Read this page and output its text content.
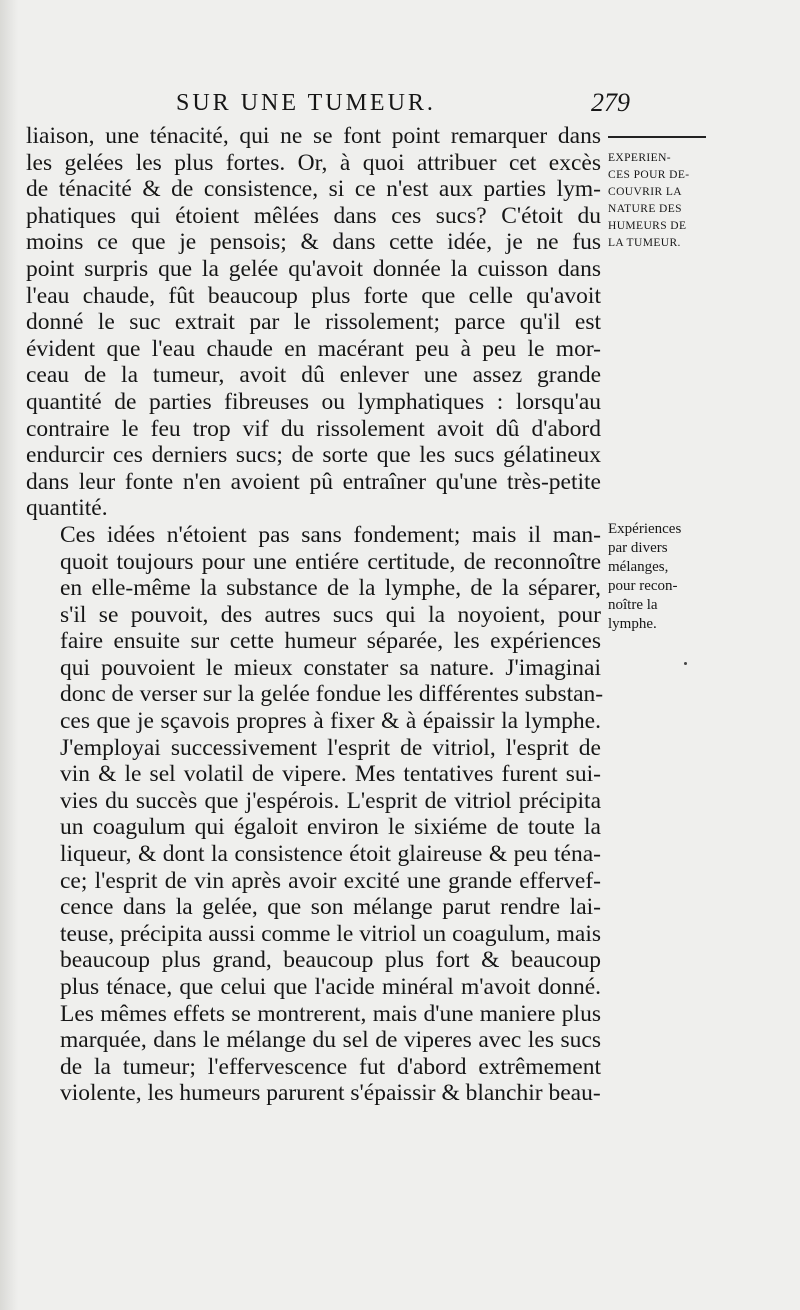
SUR UNE TUMEUR.	279

liaison, une ténacité, qui ne se font point remarquer dans
les gelées les plus fortes. Or, à quoi attribuer cet excès
de ténacité & de consistence, si ce n'est aux parties lym-
phatiques qui étoient mêlées dans ces sucs? C'étoit du
moins ce que je pensois; & dans cette idée, je ne fus
point surpris que la gelée qu'avoit donnée la cuisson dans
l'eau chaude, fût beaucoup plus forte que celle qu'avoit
donné le suc extrait par le rissolement; parce qu'il est
évident que l'eau chaude en macérant peu à peu le mor-
ceau de la tumeur, avoit dû enlever une assez grande
quantité de parties fibreuses ou lymphatiques : lorsqu'au
contraire le feu trop vif du rissolement avoit dû d'abord
endurcir ces derniers sucs; de sorte que les sucs gélatineux
dans leur fonte n'en avoient pû entraîner qu'une très-petite
quantité.

Ces idées n'étoient pas sans fondement; mais il man-
quoit toujours pour une entiére certitude, de reconnoître
en elle-même la substance de la lymphe, de la séparer,
s'il se pouvoit, des autres sucs qui la noyoient, pour
faire ensuite sur cette humeur séparée, les expériences
qui pouvoient le mieux constater sa nature. J'imaginai
donc de verser sur la gelée fondue les différentes substan-
ces que je sçavois propres à fixer & à épaissir la lymphe.
J'employai successivement l'esprit de vitriol, l'esprit de
vin & le sel volatil de vipere. Mes tentatives furent sui-
vies du succès que j'espérois. L'esprit de vitriol précipita
un coagulum qui égaloit environ le sixiéme de toute la
liqueur, & dont la consistence étoit glaireuse & peu téna-
ce; l'esprit de vin après avoir excité une grande effervef-
cence dans la gelée, que son mélange parut rendre lai-
teuse, précipita aussi comme le vitriol un coagulum, mais
beaucoup plus grand, beaucoup plus fort & beaucoup
plus ténace, que celui que l'acide minéral m'avoit donné.
Les mêmes effets se montrerent, mais d'une maniere plus
marquée, dans le mélange du sel de viperes avec les sucs
de la tumeur; l'effervescence fut d'abord extrêmement
violente, les humeurs parurent s'épaissir & blanchir beau-

EXPERIEN-
CES POUR DE-
COUVRIR LA
NATURE DES
HUMEURS DE
LA TUMEUR.
Expériences
par divers
mélanges,
pour recon-
noître la
lymphe.
